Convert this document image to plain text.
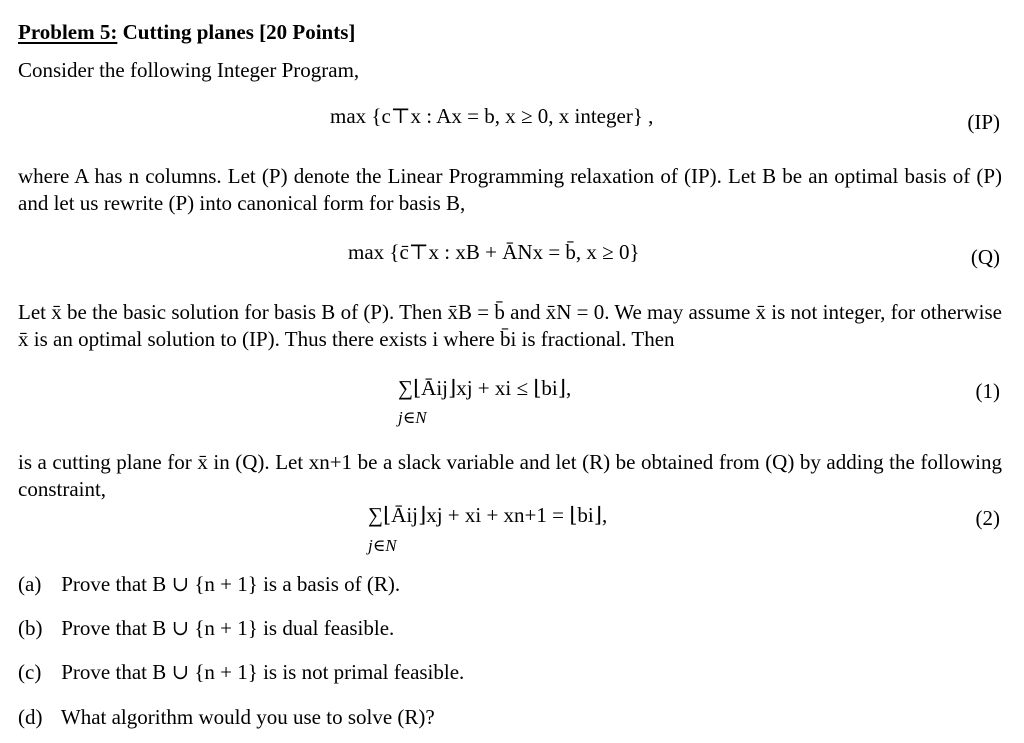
Problem 5: Cutting planes [20 Points]
Consider the following Integer Program,
max {c⊤x : Ax = b, x ≥ 0, x integer} ,	(IP)
where A has n columns. Let (P) denote the Linear Programming relaxation of (IP). Let B be an optimal basis of (P) and let us rewrite (P) into canonical form for basis B,
max {c̄⊤x : xB + ĀNx = b̄, x ≥ 0}	(Q)
Let x̄ be the basic solution for basis B of (P). Then x̄B = b̄ and x̄N = 0. We may assume x̄ is not integer, for otherwise x̄ is an optimal solution to (IP). Thus there exists i where b̄i is fractional. Then
∑⌊Āij⌋xj + xi ≤ ⌊bi⌋,
j∈N
(1)
is a cutting plane for x̄ in (Q). Let xn+1 be a slack variable and let (R) be obtained from (Q) by adding the following constraint,
∑⌊Āij⌋xj + xi + xn+1 = ⌊bi⌋,
j∈N
(2)
(a) Prove that B ∪ {n + 1} is a basis of (R).
(b) Prove that B ∪ {n + 1} is dual feasible.
(c) Prove that B ∪ {n + 1} is is not primal feasible.
(d) What algorithm would you use to solve (R)?
